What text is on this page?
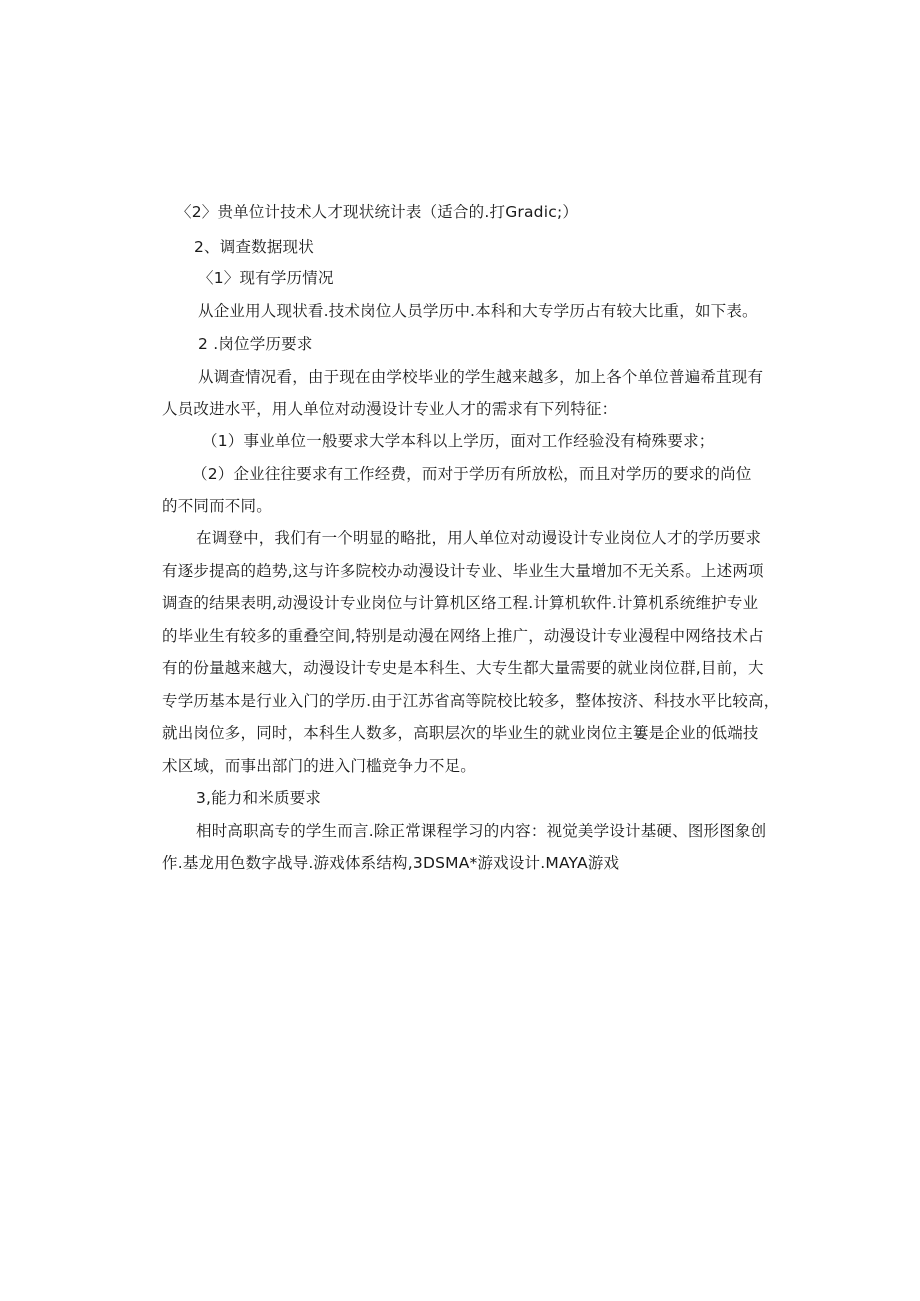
〈2〉贵单位计技术人才现状统计表（适合的.打Gradic;）
2、调查数据现状
〈1〉现有学历情况
从企业用人现状看.技术岗位人员学历中.本科和大专学历占有较大比重，如下表。
2 .岗位学历要求
从调查情况看，由于现在由学校毕业的学生越来越多，加上各个单位普遍希苴现有
人员改进水平，用人单位对动漫设计专业人才的需求有下列特征：
（1）事业单位一般要求大学本科以上学历，面对工作经验没有椅殊要求；
（2）企业往往要求有工作经费，而对于学历有所放松，而且对学历的要求的尚位
的不同而不同。
在调登中，我们有一个明显的略批，用人单位对动谩设计专业岗位人才的学历要求
有逐步提高的趋势,这与许多院校办动漫设计专业、毕业生大量增加不无关系。上述两项
调查的结果表明,动漫设计专业岗位与计算机区络工程.计算机软件.计算机系统维护专业
的毕业生有较多的重叠空间,特别是动漫在网络上推广，动漫设计专业漫程中网络技术占
有的份量越来越大，动漫设计专史是本科生、大专生都大量需要的就业岗位群,目前，大
专学历基本是行业入门的学历.由于江苏省高等院校比较多，整体按济、科技水平比较高，
就出岗位多，同时，本科生人数多，高职层次的毕业生的就业岗位主簍是企业的低端技
术区域，而事出部门的进入门槛竞争力不足。
3,能力和米质要求
相时高职高专的学生而言.除正常课程学习的内容：视觉美学设计基硬、图形图象创
作.基龙用色数字战导.游戏体系结构,3DSMA*游戏设计.MAYA游戏
